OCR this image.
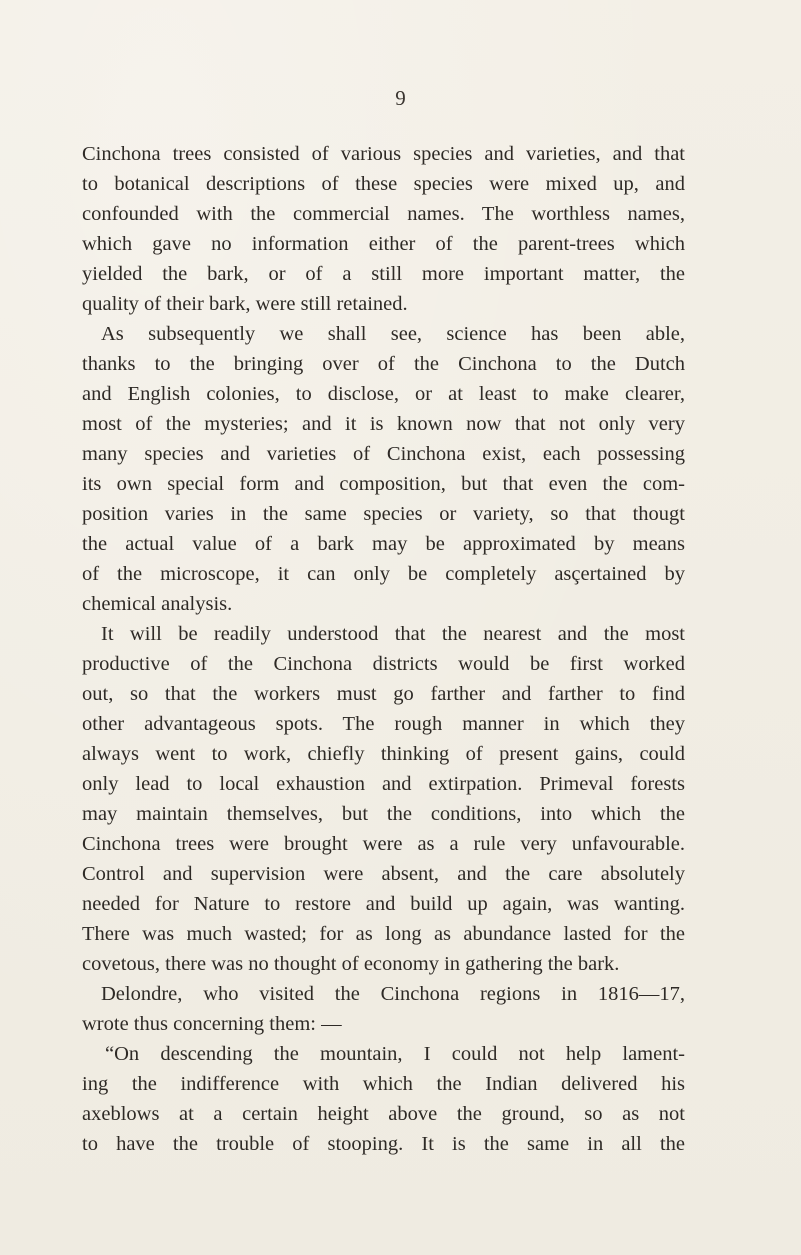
9
Cinchona trees consisted of various species and varieties, and that
to botanical descriptions of these species were mixed up, and
confounded with the commercial names. The worthless names,
which gave no information either of the parent-trees which
yielded the bark, or of a still more important matter, the
quality of their bark, were still retained.
As subsequently we shall see, science has been able,
thanks to the bringing over of the Cinchona to the Dutch
and English colonies, to disclose, or at least to make clearer,
most of the mysteries; and it is known now that not only very
many species and varieties of Cinchona exist, each possessing
its own special form and composition, but that even the com-
position varies in the same species or variety, so that thougt
the actual value of a bark may be approximated by means
of the microscope, it can only be completely asçertained by
chemical analysis.
It will be readily understood that the nearest and the most
productive of the Cinchona districts would be first worked
out, so that the workers must go farther and farther to find
other advantageous spots. The rough manner in which they
always went to work, chiefly thinking of present gains, could
only lead to local exhaustion and extirpation. Primeval forests
may maintain themselves, but the conditions, into which the
Cinchona trees were brought were as a rule very unfavourable.
Control and supervision were absent, and the care absolutely
needed for Nature to restore and build up again, was wanting.
There was much wasted; for as long as abundance lasted for the
covetous, there was no thought of economy in gathering the bark.
Delondre, who visited the Cinchona regions in 1816—17,
wrote thus concerning them: —
“On descending the mountain, I could not help lament-
ing the indifference with which the Indian delivered his
axeblows at a certain height above the ground, so as not
to have the trouble of stooping. It is the same in all the
